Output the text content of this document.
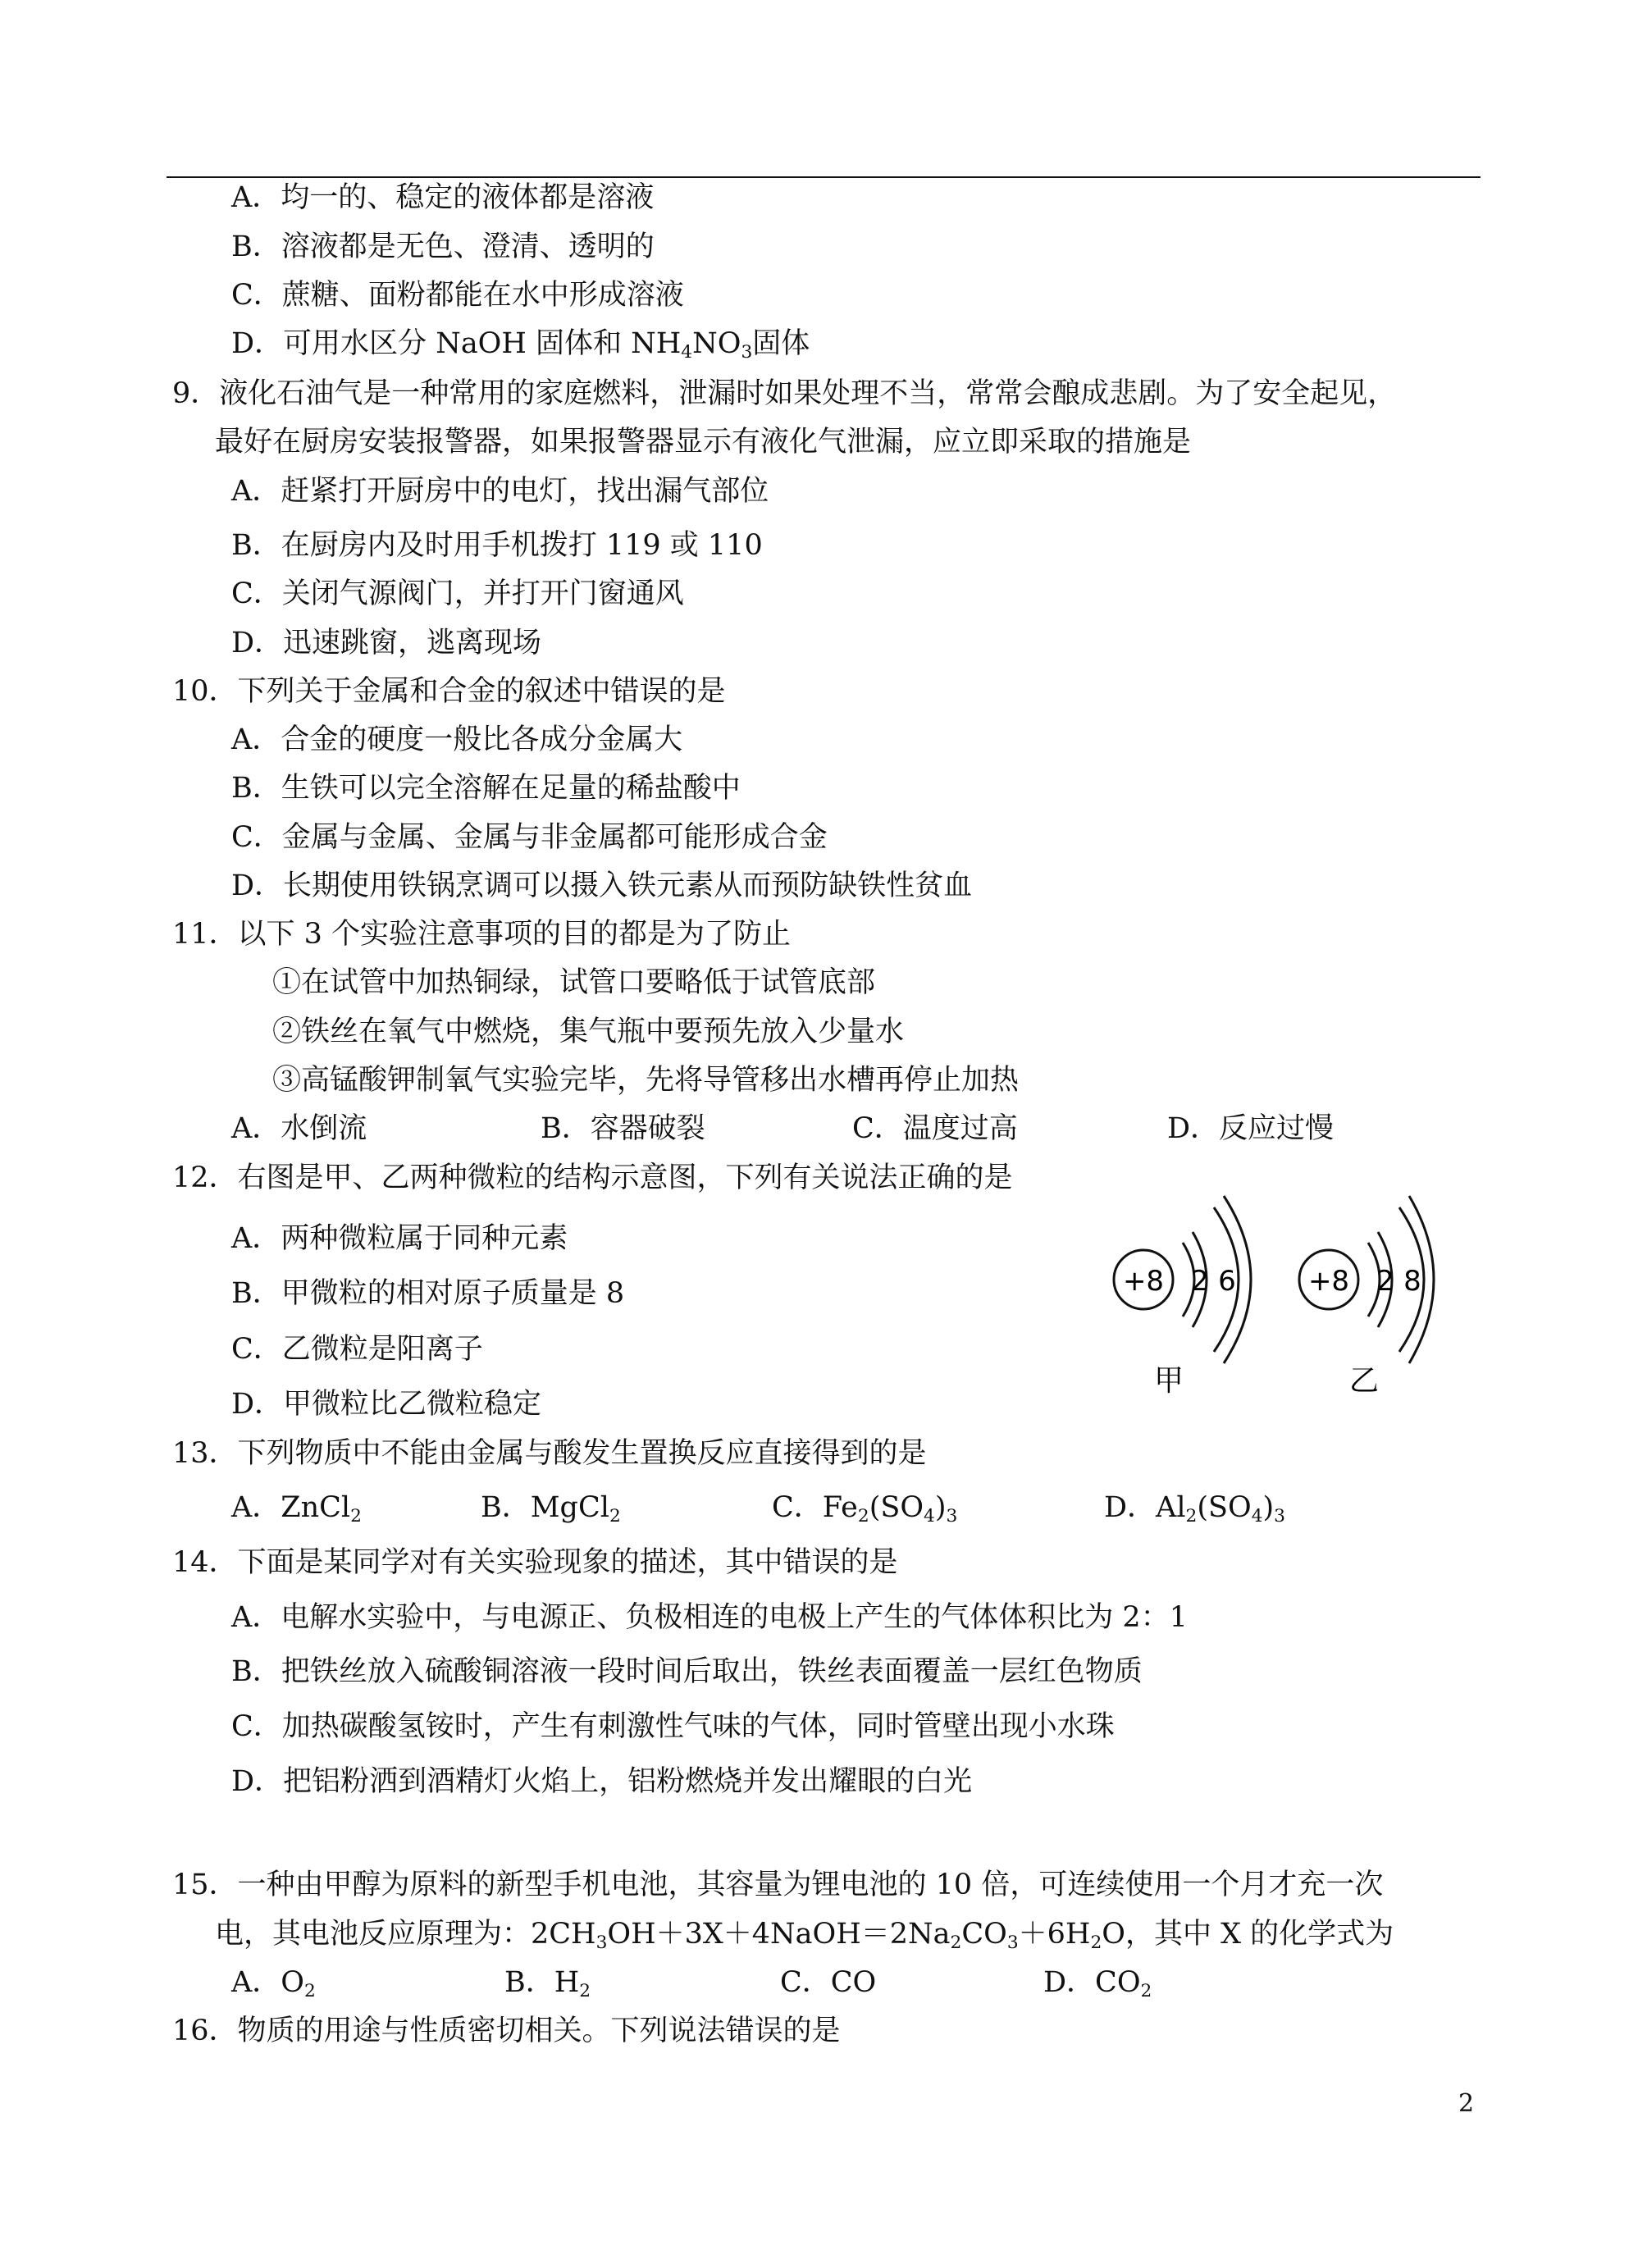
A．均一的、稳定的液体都是溶液
B．溶液都是无色、澄清、透明的
C．蔗糖、面粉都能在水中形成溶液
D．可用水区分 NaOH 固体和 $NH_4NO_3$固体
9．液化石油气是一种常用的家庭燃料，泄漏时如果处理不当，常常会酿成悲剧。为了安全起见，
最好在厨房安装报警器，如果报警器显示有液化气泄漏，应立即采取的措施是
A．赶紧打开厨房中的电灯，找出漏气部位
B．在厨房内及时用手机拨打 119 或 110
C．关闭气源阀门，并打开门窗通风
D．迅速跳窗，逃离现场
10．下列关于金属和合金的叙述中错误的是
A．合金的硬度一般比各成分金属大
B．生铁可以完全溶解在足量的稀盐酸中
C．金属与金属、金属与非金属都可能形成合金
D．长期使用铁锅烹调可以摄入铁元素从而预防缺铁性贫血
11．以下 3 个实验注意事项的目的都是为了防止
①在试管中加热铜绿，试管口要略低于试管底部
②铁丝在氧气中燃烧，集气瓶中要预先放入少量水
③高锰酸钾制氧气实验完毕，先将导管移出水槽再停止加热
A．水倒流	B．容器破裂	C．温度过高	D．反应过慢
12．右图是甲、乙两种微粒的结构示意图，下列有关说法正确的是
A．两种微粒属于同种元素
B．甲微粒的相对原子质量是 8
C．乙微粒是阳离子
D．甲微粒比乙微粒稳定
+8 2 6
甲
+8 2 8
乙
13．下列物质中不能由金属与酸发生置换反应直接得到的是
A．ZnCl$_2$	B．MgCl$_2$	C．$Fe_2(SO_4)_3$	D．$Al_2(SO_4)_3$
14．下面是某同学对有关实验现象的描述，其中错误的是
A．电解水实验中，与电源正、负极相连的电极上产生的气体体积比为 2：1
B．把铁丝放入硫酸铜溶液一段时间后取出，铁丝表面覆盖一层红色物质
C．加热碳酸氢铵时，产生有刺激性气味的气体，同时管壁出现小水珠
D．把铝粉洒到酒精灯火焰上，铝粉燃烧并发出耀眼的白光
15．一种由甲醇为原料的新型手机电池，其容量为锂电池的 10 倍，可连续使用一个月才充一次
电，其电池反应原理为：$2CH_3OH+3X+4NaOH=2Na_2CO_3+6H_2O$，其中 X 的化学式为
A．$O_2$	B．$H_2$	C．CO	D．$CO_2$
16．物质的用途与性质密切相关。下列说法错误的是
2
